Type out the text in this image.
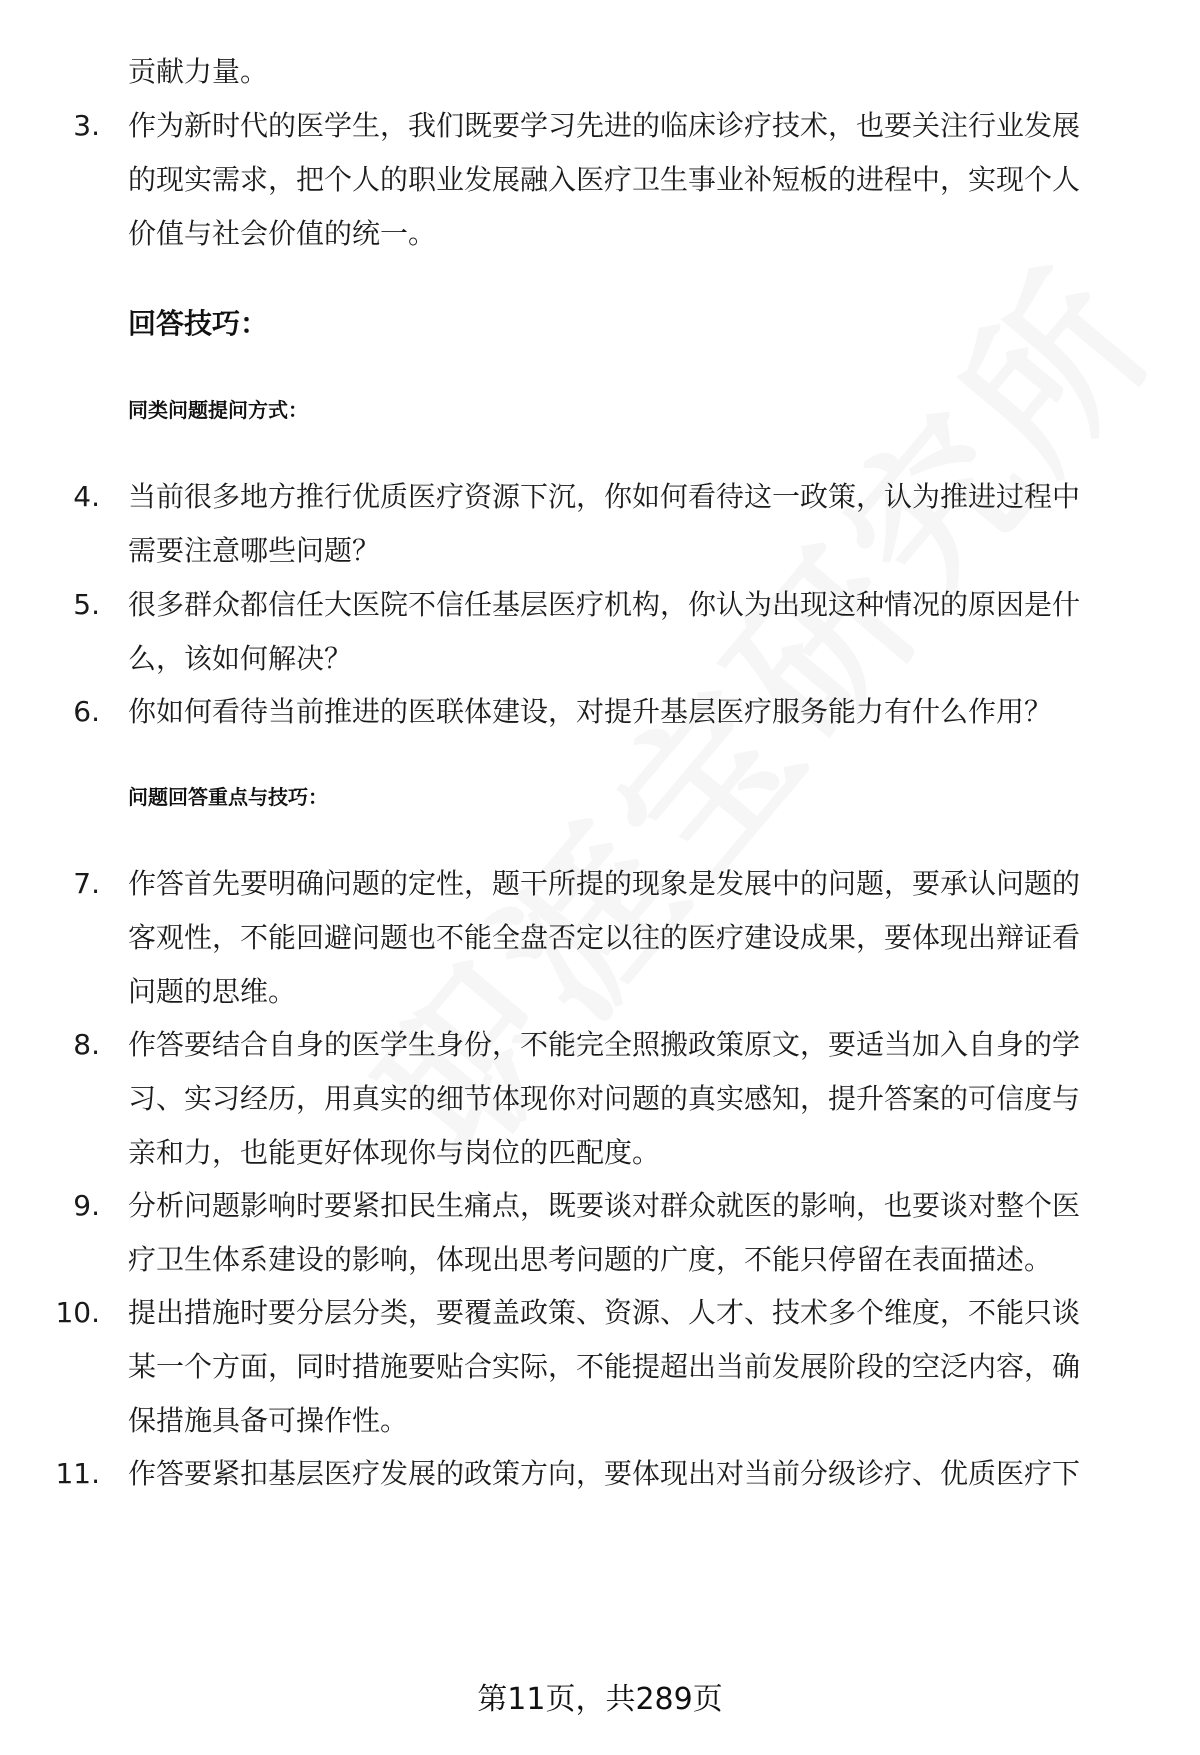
贡献力量。
3. 作为新时代的医学生，我们既要学习先进的临床诊疗技术，也要关注行业发展
的现实需求，把个人的职业发展融入医疗卫生事业补短板的进程中，实现个人
价值与社会价值的统一。
回答技巧：
同类问题提问方式：
4. 当前很多地方推行优质医疗资源下沉，你如何看待这一政策，认为推进过程中
需要注意哪些问题？
5. 很多群众都信任大医院不信任基层医疗机构，你认为出现这种情况的原因是什
么，该如何解决？
6. 你如何看待当前推进的医联体建设，对提升基层医疗服务能力有什么作用？
问题回答重点与技巧：
7. 作答首先要明确问题的定性，题干所提的现象是发展中的问题，要承认问题的
客观性，不能回避问题也不能全盘否定以往的医疗建设成果，要体现出辩证看
问题的思维。
8. 作答要结合自身的医学生身份，不能完全照搬政策原文，要适当加入自身的学
习、实习经历，用真实的细节体现你对问题的真实感知，提升答案的可信度与
亲和力，也能更好体现你与岗位的匹配度。
9. 分析问题影响时要紧扣民生痛点，既要谈对群众就医的影响，也要谈对整个医
疗卫生体系建设的影响，体现出思考问题的广度，不能只停留在表面描述。
10. 提出措施时要分层分类，要覆盖政策、资源、人才、技术多个维度，不能只谈
某一个方面，同时措施要贴合实际，不能提超出当前发展阶段的空泛内容，确
保措施具备可操作性。
11. 作答要紧扣基层医疗发展的政策方向，要体现出对当前分级诊疗、优质医疗下
第11页，共289页
